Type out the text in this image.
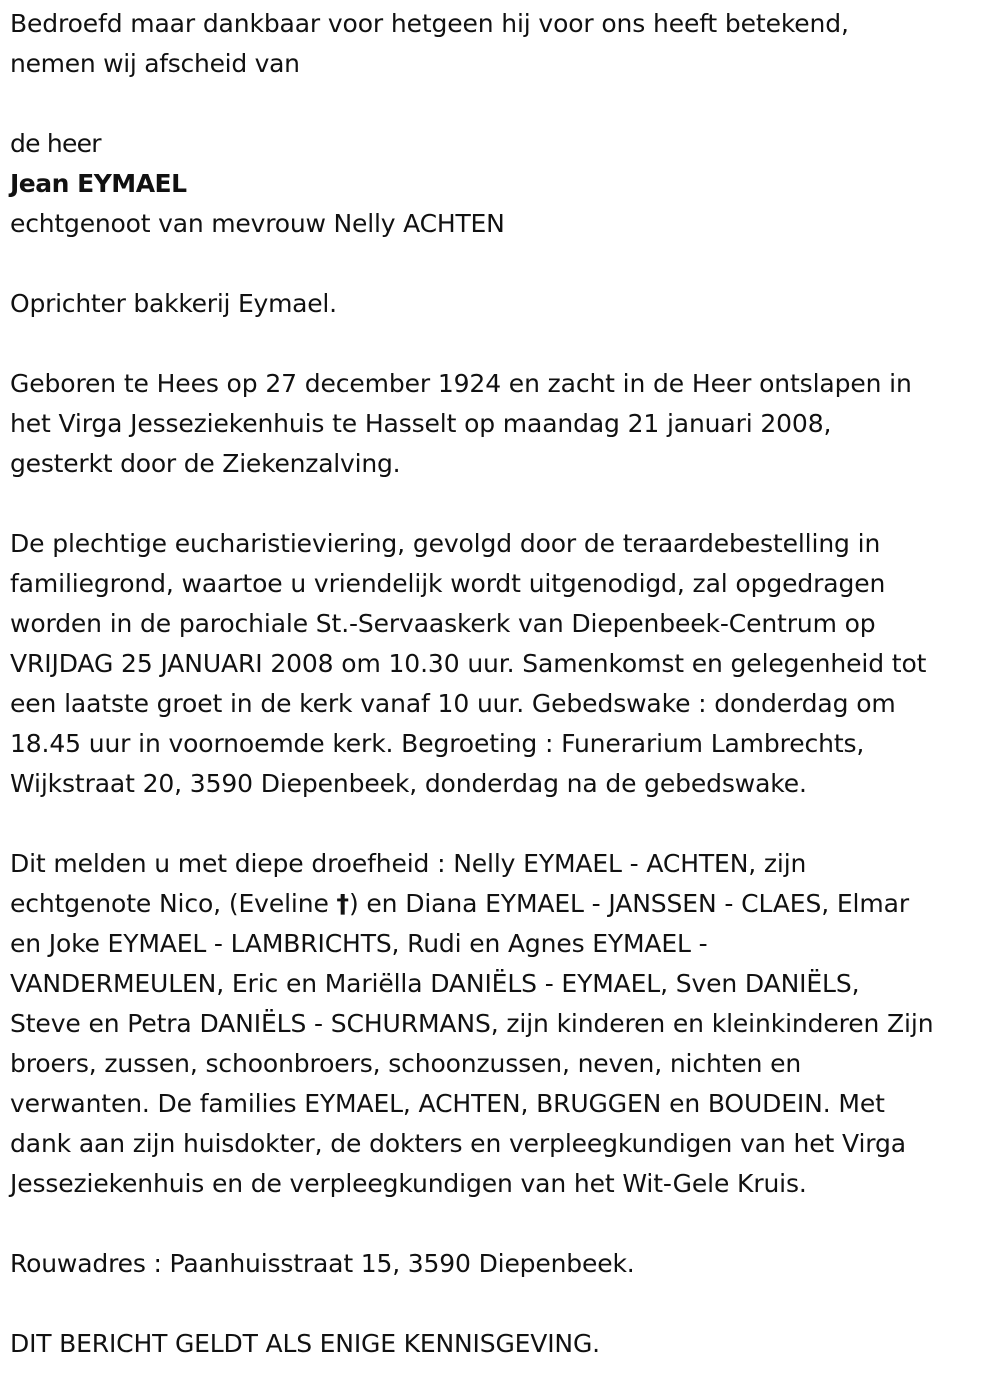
Bedroefd maar dankbaar voor hetgeen hij voor ons heeft betekend,

nemen wij afscheid van

de heer

Jean EYMAEL

echtgenoot van mevrouw Nelly ACHTEN

Oprichter bakkerij Eymael.

Geboren te Hees op 27 december 1924 en zacht in de Heer ontslapen in

het Virga Jesseziekenhuis te Hasselt op maandag 21 januari 2008,

gesterkt door de Ziekenzalving.

De plechtige eucharistieviering, gevolgd door de teraardebestelling in

familiegrond, waartoe u vriendelijk wordt uitgenodigd, zal opgedragen

worden in de parochiale St.-Servaaskerk van Diepenbeek-Centrum op

VRIJDAG 25 JANUARI 2008 om 10.30 uur. Samenkomst en gelegenheid tot

een laatste groet in de kerk vanaf 10 uur. Gebedswake : donderdag om

18.45 uur in voornoemde kerk. Begroeting : Funerarium Lambrechts,

Wijkstraat 20, 3590 Diepenbeek, donderdag na de gebedswake.

Dit melden u met diepe droefheid : Nelly EYMAEL - ACHTEN, zijn

echtgenote Nico, (Eveline †) en Diana EYMAEL - JANSSEN - CLAES, Elmar

en Joke EYMAEL - LAMBRICHTS, Rudi en Agnes EYMAEL -

VANDERMEULEN, Eric en Mariëlla DANIËLS - EYMAEL, Sven DANIËLS,

Steve en Petra DANIËLS - SCHURMANS, zijn kinderen en kleinkinderen Zijn

broers, zussen, schoonbroers, schoonzussen, neven, nichten en

verwanten. De families EYMAEL, ACHTEN, BRUGGEN en BOUDEIN. Met

dank aan zijn huisdokter, de dokters en verpleegkundigen van het Virga

Jesseziekenhuis en de verpleegkundigen van het Wit-Gele Kruis.

Rouwadres : Paanhuisstraat 15, 3590 Diepenbeek.

DIT BERICHT GELDT ALS ENIGE KENNISGEVING.
